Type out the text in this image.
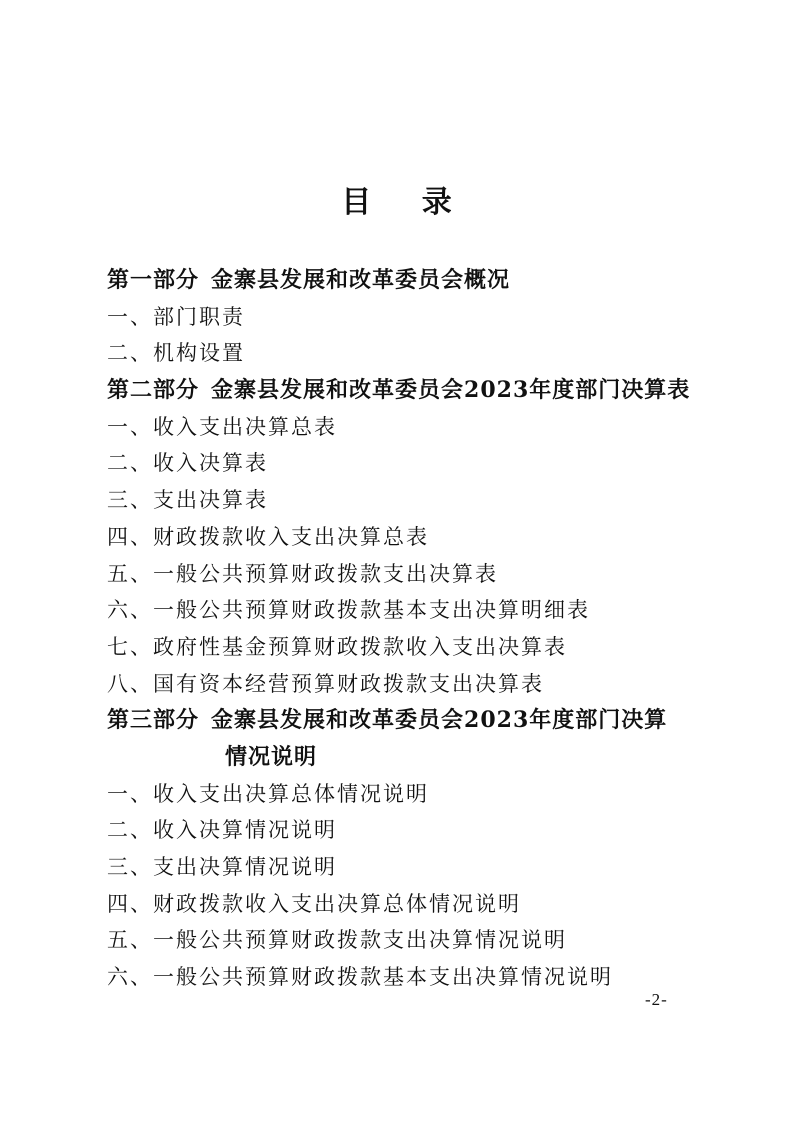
目 录
第一部分 金寨县发展和改革委员会概况
一、部门职责
二、机构设置
第二部分 金寨县发展和改革委员会2023年度部门决算表
一、收入支出决算总表
二、收入决算表
三、支出决算表
四、财政拨款收入支出决算总表
五、一般公共预算财政拨款支出决算表
六、一般公共预算财政拨款基本支出决算明细表
七、政府性基金预算财政拨款收入支出决算表
八、国有资本经营预算财政拨款支出决算表
第三部分 金寨县发展和改革委员会2023年度部门决算
情况说明
一、收入支出决算总体情况说明
二、收入决算情况说明
三、支出决算情况说明
四、财政拨款收入支出决算总体情况说明
五、一般公共预算财政拨款支出决算情况说明
六、一般公共预算财政拨款基本支出决算情况说明
-2-
